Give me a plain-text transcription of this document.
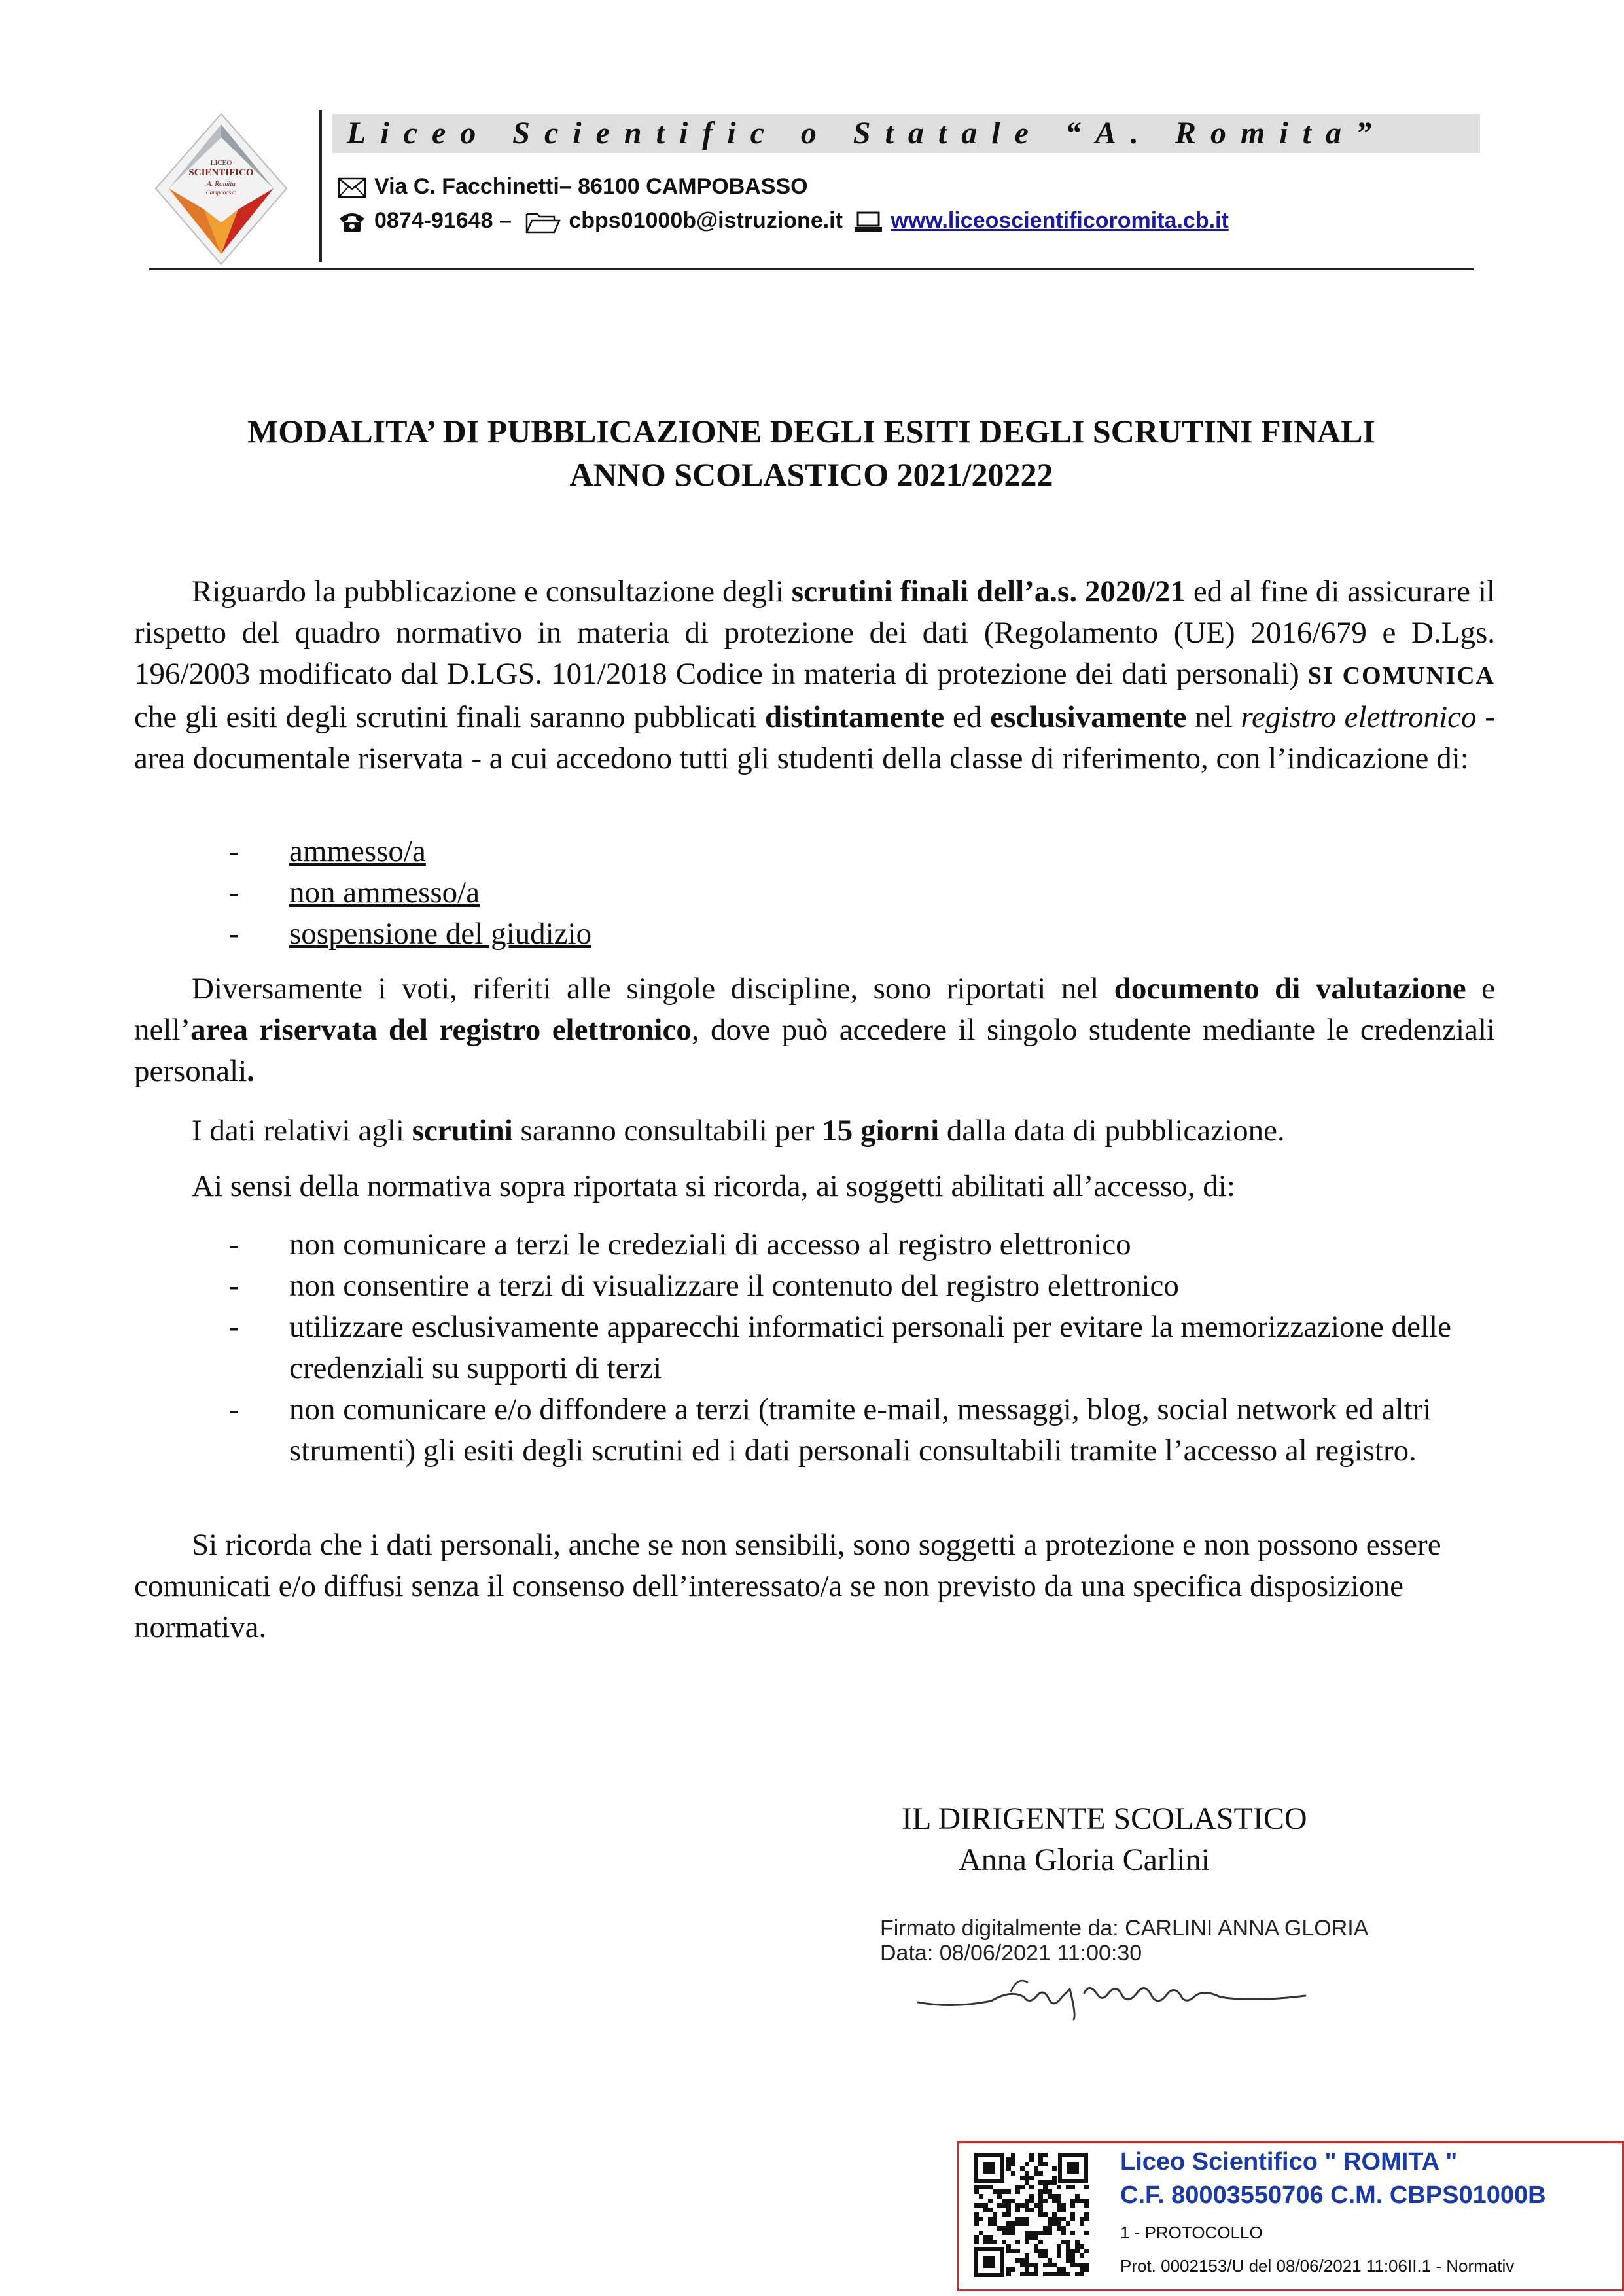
LICEO
SCIENTIFICO
A. Romita
Campobasso
Liceo Scientific o Statale “A. Romita”
Via C. Facchinetti– 86100 CAMPOBASSO
0874-91648 –	cbps01000b@istruzione.it www.liceoscientificoromita.cb.it
MODALITA’ DI PUBBLICAZIONE DEGLI ESITI DEGLI SCRUTINI FINALI
ANNO SCOLASTICO 2021/20222
Riguardo la pubblicazione e consultazione degli scrutini finali dell’a.s. 2020/21 ed al fine di assicurare il rispetto del quadro normativo in materia di protezione dei dati (Regolamento (UE) 2016/679 e D.Lgs. 196/2003 modificato dal D.LGS. 101/2018 Codice in materia di protezione dei dati personali) SI COMUNICA che gli esiti degli scrutini finali saranno pubblicati distintamente ed esclusivamente nel registro elettronico - area documentale riservata - a cui accedono tutti gli studenti della classe di riferimento, con l’indicazione di:
- ammesso/a
- non ammesso/a
- sospensione del giudizio
Diversamente i voti, riferiti alle singole discipline, sono riportati nel documento di valutazione e nell’area riservata del registro elettronico, dove può accedere il singolo studente mediante le credenziali personali.
I dati relativi agli scrutini saranno consultabili per 15 giorni dalla data di pubblicazione.
Ai sensi della normativa sopra riportata si ricorda, ai soggetti abilitati all’accesso, di:
- non comunicare a terzi le credeziali di accesso al registro elettronico
- non consentire a terzi di visualizzare il contenuto del registro elettronico
- utilizzare esclusivamente apparecchi informatici personali per evitare la memorizzazione delle credenziali su supporti di terzi
- non comunicare e/o diffondere a terzi (tramite e-mail, messaggi, blog, social network ed altri strumenti) gli esiti degli scrutini ed i dati personali consultabili tramite l’accesso al registro.
Si ricorda che i dati personali, anche se non sensibili, sono soggetti a protezione e non possono essere comunicati e/o diffusi senza il consenso dell’interessato/a se non previsto da una specifica disposizione normativa.
IL DIRIGENTE SCOLASTICO
Anna Gloria Carlini
Firmato digitalmente da: CARLINI ANNA GLORIA
Data: 08/06/2021 11:00:30
Liceo Scientifico " ROMITA "
C.F. 80003550706 C.M. CBPS01000B
1 - PROTOCOLLO
Prot. 0002153/U del 08/06/2021 11:06II.1 - Normativ
